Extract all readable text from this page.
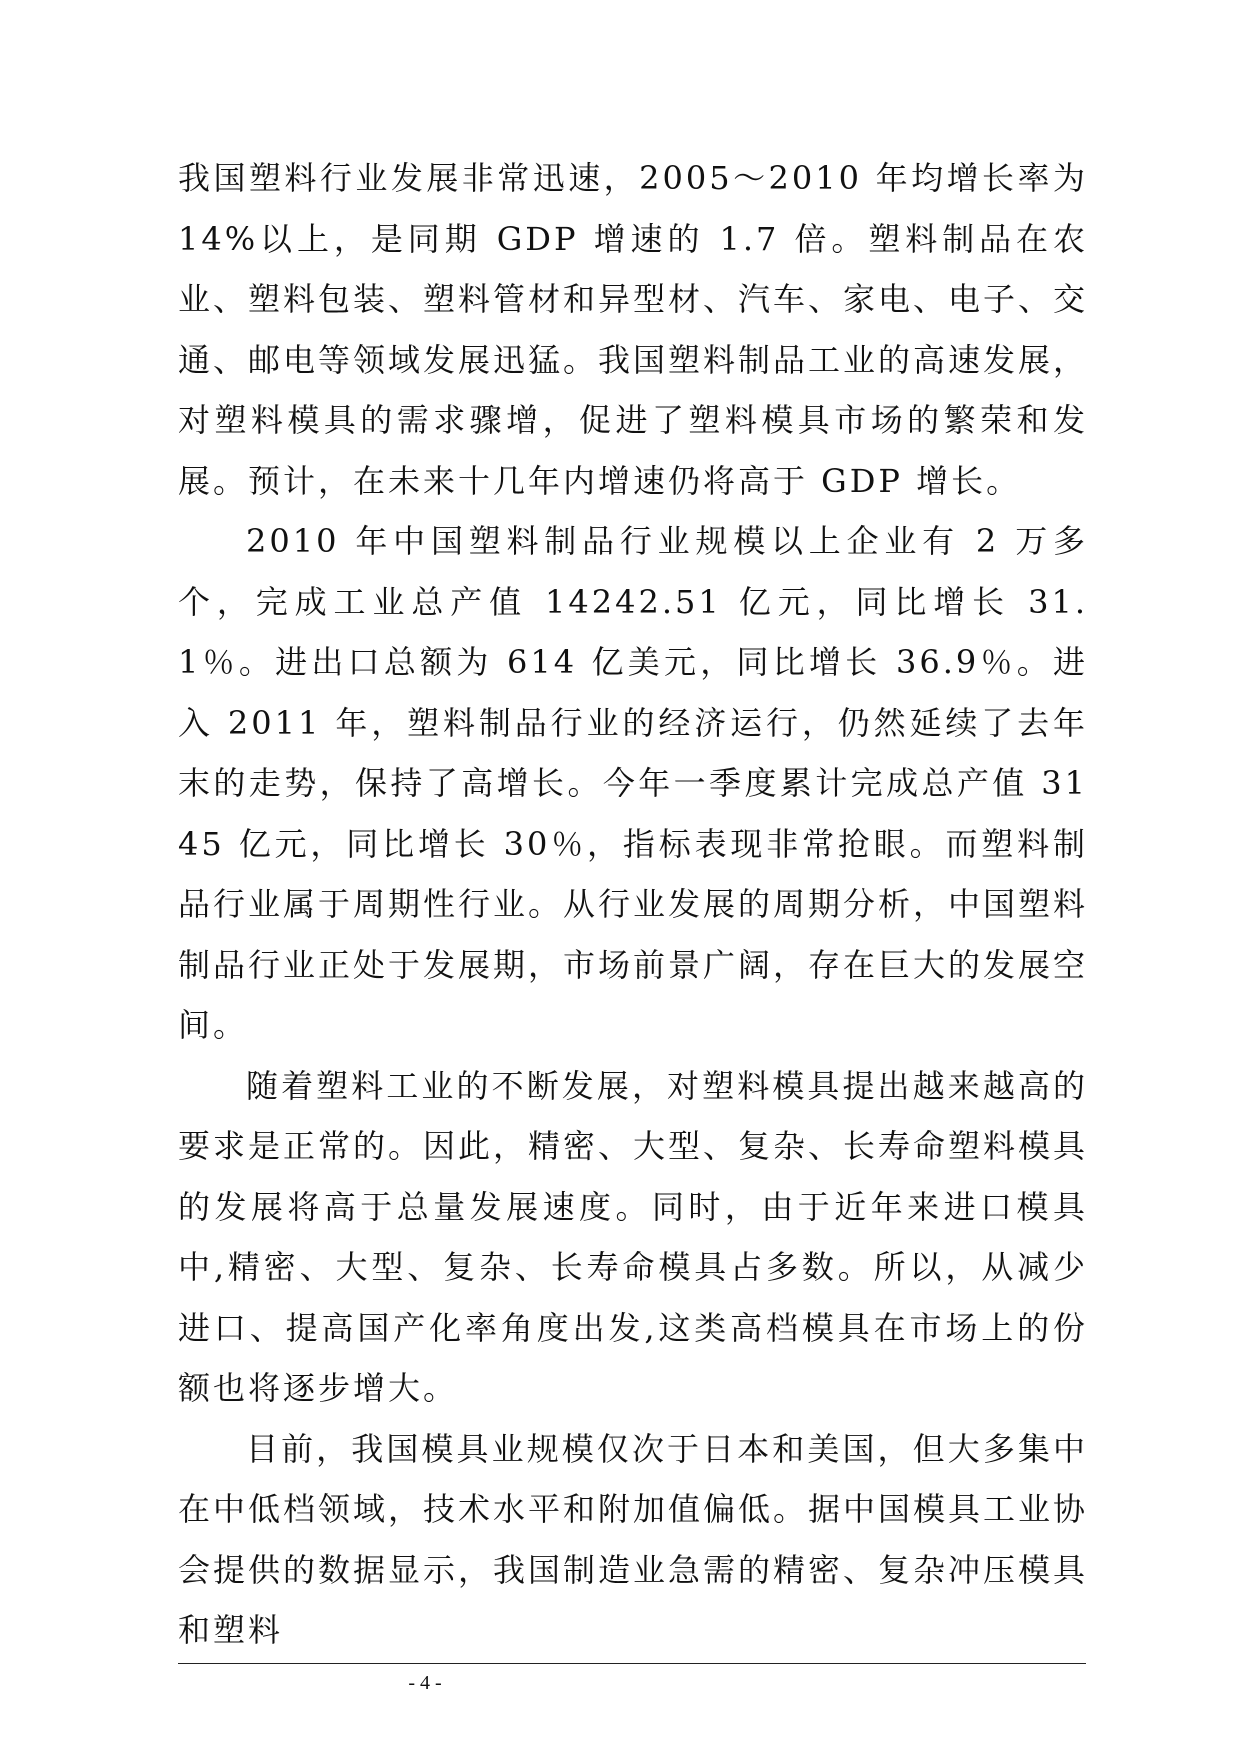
我国塑料行业发展非常迅速，2005～2010 年均增长率为 14%以上，是同期 GDP 增速的 1.7 倍。塑料制品在农业、塑料包装、塑料管材和异型材、汽车、家电、电子、交通、邮电等领域发展迅猛。我国塑料制品工业的高速发展，对塑料模具的需求骤增，促进了塑料模具市场的繁荣和发展。预计，在未来十几年内增速仍将高于 GDP 增长。

2010 年中国塑料制品行业规模以上企业有 2 万多个，完成工业总产值 14242.51 亿元，同比增长 31.1％。进出口总额为 614 亿美元，同比增长 36.9％。进入 2011 年，塑料制品行业的经济运行，仍然延续了去年末的走势，保持了高增长。今年一季度累计完成总产值 3145 亿元，同比增长 30％，指标表现非常抢眼。而塑料制品行业属于周期性行业。从行业发展的周期分析，中国塑料制品行业正处于发展期，市场前景广阔，存在巨大的发展空间。

随着塑料工业的不断发展，对塑料模具提出越来越高的要求是正常的。因此，精密、大型、复杂、长寿命塑料模具的发展将高于总量发展速度。同时，由于近年来进口模具中,精密、大型、复杂、长寿命模具占多数。所以，从减少进口、提高国产化率角度出发,这类高档模具在市场上的份额也将逐步增大。

目前，我国模具业规模仅次于日本和美国，但大多集中在中低档领域，技术水平和附加值偏低。据中国模具工业协会提供的数据显示，我国制造业急需的精密、复杂冲压模具和塑料

- 4 -
